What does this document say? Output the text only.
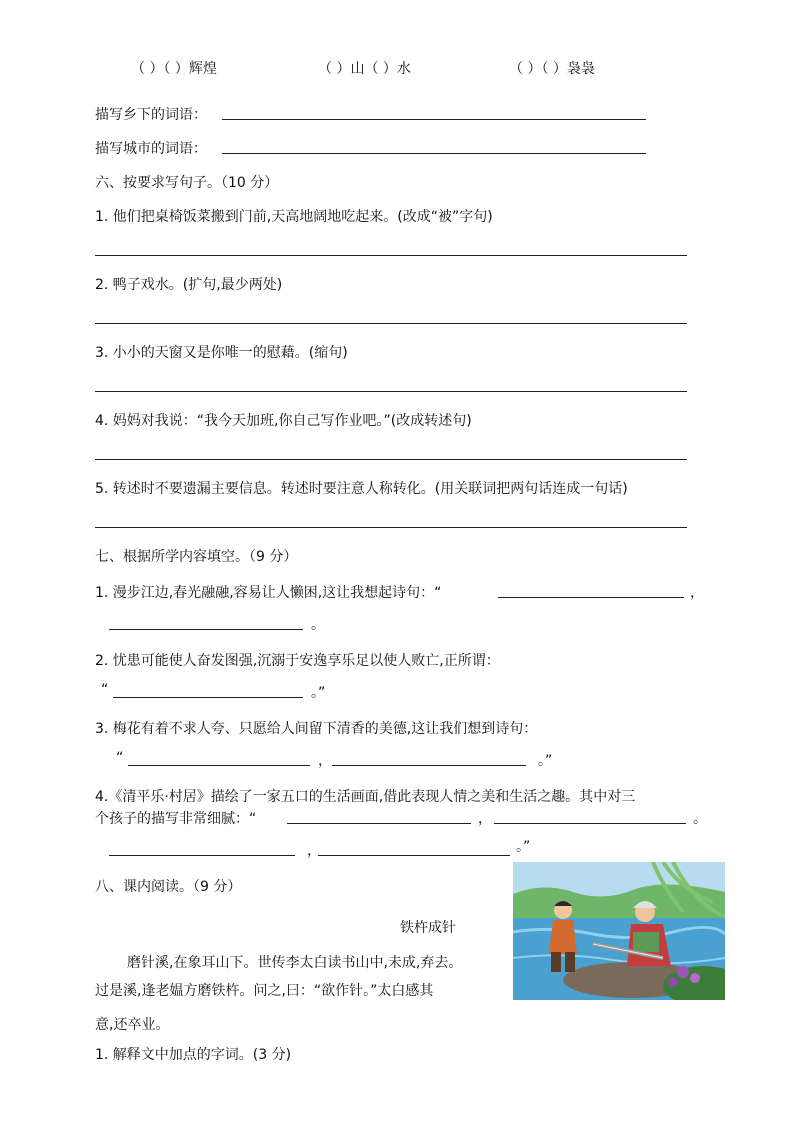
（ ）（ ）辉煌	（ ）山（ ）水	（ ）（ ）袅袅
描写乡下的词语：
描写城市的词语：
六、按要求写句子。（10 分）
1. 他们把桌椅饭菜搬到门前,天高地阔地吃起来。(改成“被”字句)
2. 鸭子戏水。(扩句,最少两处)
3. 小小的天窗又是你唯一的慰藉。(缩句)
4. 妈妈对我说：“我今天加班,你自己写作业吧。”(改成转述句)
5. 转述时不要遗漏主要信息。转述时要注意人称转化。(用关联词把两句话连成一句话)
七、根据所学内容填空。（9 分）
1. 漫步江边,春光融融,容易让人懒困,这让我想起诗句：“	，
。
2. 忧患可能使人奋发图强,沉溺于安逸享乐足以使人败亡,正所谓：
“	。”
3. 梅花有着不求人夸、只愿给人间留下清香的美德,这让我们想到诗句：
“	，	。”
4.《清平乐·村居》描绘了一家五口的生活画面,借此表现人情之美和生活之趣。其中对三
个孩子的描写非常细腻：“	，	。
，	。”
八、课内阅读。（9 分）
铁杵成针
磨针溪,在象耳山下。世传李太白读书山中,未成,弃去。
过是溪,逢老媪方磨铁杵。问之,曰：“欲作针。”太白感其
意,还卒业。
1. 解释文中加点的字词。(3 分)
